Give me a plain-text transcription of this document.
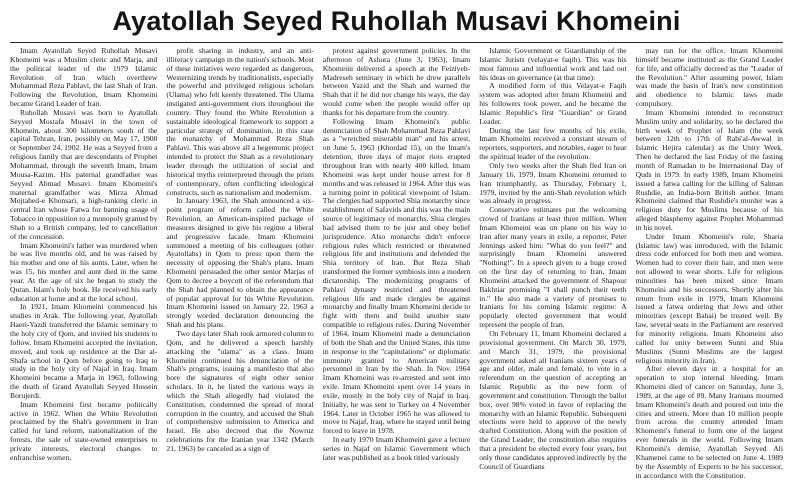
Ayatollah Seyed Ruhollah Musavi Khomeini

Imam Ayatollah Seyed Ruhollah Musavi Khomeini was a Muslim cleric and Marja, and the political leader of the 1979 Islamic Revolution of Iran which overthrew Mohammad Reza Pahlavi, the last Shah of Iran. Following the Revolution, Imam Khomeini became Grand Leader of Iran.

Ruhollah Musavi was born to Ayatollah Seyyed Mostafa Musavi in the town of Khomein, about 300 kilometers south of the capital Tehran, Iran, possibly on May 17, 1900 or September 24, 1902. He was a Seyyed from a religious family that are descendants of Prophet Mohammad, through the seventh Imam, Imam Mousa-Kazim. His paternal grandfather was Seyyed Ahmad Musavi. Imam Khomeini's maternal grandfather was Mirza Ahmad Mojtahed-e Khonsari, a high-ranking cleric in central Iran whose Fatwa for banning usage of Tobacco in opposition to a monopoly granted by Shah to a British company, led to cancellation of the concession.

Imam Khomeini's father was murdered when he was five months old, and he was raised by his mother and one of his aunts. Later, when he was 15, his mother and aunt died in the same year. At the age of six he began to study the Quran. Islam's holy book. He received his early education at home and at the local school.

In 1921, Imam Khomeini commenced his studies in Arak. The following year, Ayatollah Haeri-Yazdi transferred the Islamic seminary to the holy city of Qom, and invited his students to follow. Imam Khomeini accepted the invitation, moved, and took up residence at the Dar al-Shafa school in Qom before going to Iraq to study in the holy city of Najaf in Iraq. Imam Khomeini became a Marja in 1963, following the death of Grand Ayatollah Seyyed Hussein Borujerdi.

Imam Khomeini first became politically active in 1962. When the White Revolution proclaimed by the Shah's government in Iran called for land reform, nationalization of the forests, the sale of state-owned enterprises to private interests, electoral changes to enfranchise women,

profit sharing in industry, and an anti-illiteracy campaign in the nation's schools. Most of these initiatives were regarded as dangerous, Westernizing trends by traditionalists, especially the powerful and privileged religious scholars (Ulama) who felt keenly threatened. The Ulama instigated anti-government riots throughout the country. They found the White Revolution a sustainable ideological framework to support a particular strategy of domination, in this case the monarchy of Mohammad Reza Shah Pahlavi. This was above all a hegemonic project intended to protect the Shah as a revolutionary leader through the utilization of social and historical myths reinterpreted through the prism of contemporary, often conflicting ideological constructs, such as nationalism and modernism.

In January 1963, the Shah announced a six-point program of reform called the White Revolution, an American-inspired package of measures designed to give his regime a liberal and progressive facade. Imam Khomeini summoned a meeting of his colleagues (other Ayatollahs) in Qom to press upon them the necessity of opposing the Shah's plans. Imam Khomeini persuaded the other senior Marjas of Qom to decree a boycott of the referendum that the Shah had planned to obtain the appearance of popular approval for his White Revolution. Imam Khomeini issued on January 22, 1963 a strongly worded declaration denouncing the Shah and his plans.

Two days later Shah took armored column to Qom, and he delivered a speech harshly attacking the "ulama" as a class. Imam Khomeini continued his denunciation of the Shah's programs, issuing a manifesto that also bore the signatures of eight other senior scholars. In it, he listed the various ways in which the Shah allegedly had violated the Constitution, condemned the spread of moral corruption in the country, and accused the Shah of comprehensive submission to America and Israel. He also decreed that the Nowruz celebrations for the Iranian year 1342 (March 21, 1963) be canceled as a sign of

protest against government policies. In the afternoon of Ashura (June 3, 1963), Imam Khomeini delivered a speech at the Feiziyeh-Madreseh seminary in which he drew parallels between Yazid and the Shah and warned the Shah that if he did not change his ways, the day would come when the people would offer up thanks for his departure from the country.

Following Imam Khomeini's public denunciation of Shah Mohammad Reza Pahlavi as a "wretched miserable man" and his arrest, on June 5, 1963 (Khordad 15), on the Imam's detention, three days of major riots erupted throughout Iran with nearly 400 killed. Imam Khomeini was kept under house arrest for 8 months and was released in 1964. After this was a turning point in political viewpoint of Islam. The clergies had supported Shia monarchy since establishment of Safavids and this was the main source of legitimacy of monarchs. Shia clergies had advised them to be just and obey belief jurisprudence. Also monarchs didn't enforce religious rules which restricted or threatened religious life and institutions and defended the Shia territory of Iran. But Reza Shah transformed the former symbiosis into a modern dictatorship. The modernizing programs of Pahlavi dynasty restricted and threatened religious life and made clergies be against monarchy and finally Imam Khomeini decide to fight with them and build another state compatible to religious rules. During November of 1964, Imam Khomeini made a denunciation of both the Shah and the United States, this time in response to the "capitulations" or diplomatic immunity granted to American military personnel in Iran by the Shah. In Nov. 1964 Imam Khomeini was re-arrested and sent into exile. Imam Khomeini spent over 14 years in exile, mostly in the holy city of Najaf in Iraq. Initially, he was sent to Turkey on 4 November 1964. Later in October 1965 he was allowed to move to Najaf, Iraq, where he stayed until being forced to leave in 1978.

In early 1970 Imam Khomeini gave a lecture series in Najaf on Islamic Government which later was published as a book titled variously

Islamic Government or Guardianship of the Islamic Jurists (velayat-e faqih). This was his most famous and influential work and laid out his ideas on governance (at that time):

A modified form of this Velayat-e Faqih system was adopted after Imam Khomeini and his followers took power, and he became the Islamic Republic's first "Guardian" or Grand Leader.

During the last few months of his exile, Imam Khomeini received a constant stream of reporters, supporters, and notables, eager to hear the spiritual leader of the revolution.

Only two weeks after the Shah fled Iran on January 16, 1979, Imam Khomeini returned to Iran triumphantly, as Thursday, February 1, 1979, invited by the anti-Shah revolution which was already in progress.

Conservative estimates put the welcoming crowd of Iranians at least three million. When Imam Khomeini was on plane on his way to Iran after many years in exile, a reporter, Peter Jennings asked him: "What do you feel?" and surprisingly Imam Khomeini answered "Nothing!". In a speech given to a huge crowd on the first day of returning to Iran, Imam Khomeini attacked the government of Shapour Bakhtiar promising "I shall punch their teeth in." He also made a variety of promises to Iranians for his coming Islamic regime: A popularly elected government that would represent the people of Iran.

On February 11, Imam Khomeini declared a provisional government. On March 30, 1979, and March 31, 1979, the provisional government asked all Iranians sixteen years of age and older, male and female, to vote in a referendum on the question of accepting an Islamic Republic as the new form of government and constitution. Through the ballot box, over 98% voted in favor of replacing the monarchy with an Islamic Republic. Subsequent elections were held to approve of the newly drafted Constitution. Along with the position of the Grand Leader, the constitution also requires that a president be elected every four years, but only those candidates approved indirectly by the Council of Guardians

may run for the office. Imam Khomeini himself became instituted as the Grand Leader for life, and officially decreed as the "Leader of the Revolution." After assuming power, Islam was made the basis of Iran's new constitution and obedience to Islamic laws made compulsory.

Imam Khomeini intended to reconstruct Muslim unity and solidarity, so he declared the birth week of Prophet of Islam (the week between 12th to 17th of Rabi'al-Awwal in Islamic Hejira calendar) as the Unity Week. Then he declared the last Friday of the fasting month of Ramadan to be International Day of Quds in 1979. In early 1989, Imam Khomeini issued a fatwa calling for the killing of Salman Rushdie, an India-born British author. Imam Khomeini claimed that Rushdie's murder was a religious duty for Muslims because of his alleged blasphemy against Prophet Mohammad in his novel.

Under Imam Khomeini's rule, Sharia (Islamic law) was introduced, with the Islamic dress code enforced for both men and women. Women had to cover their hair, and men were not allowed to wear shorts. Life for religious minorities has been mixed since Imam Khomeini and his successors. Shortly after his return from exile in 1979, Imam Khomeini issued a fatwa ordering that Jews and other minorities (except Bahai) be treated well. By law, several seats in the Parliament are reserved for minority religions. Imam Khomeini also called for unity between Sunni and Shia Muslims (Sunni Muslims are the largest religious minority in Iran).

After eleven days in a hospital for an operation to stop internal bleeding, Imam Khomeini died of cancer on Saturday, June 3, 1989, at the age of 89. Many Iranians mourned Imam Khomeini's death and poured out into the cities and streets. More than 10 million people from across the country attended Imam Khomeini's funeral to form one of the largest ever funerals in the world. Following Imam Khomeini's demise, Ayatollah Seyyed Ali Khamenei came to be selected on June 4, 1989 by the Assembly of Experts to be his successor, in accordance with the Constitution.
